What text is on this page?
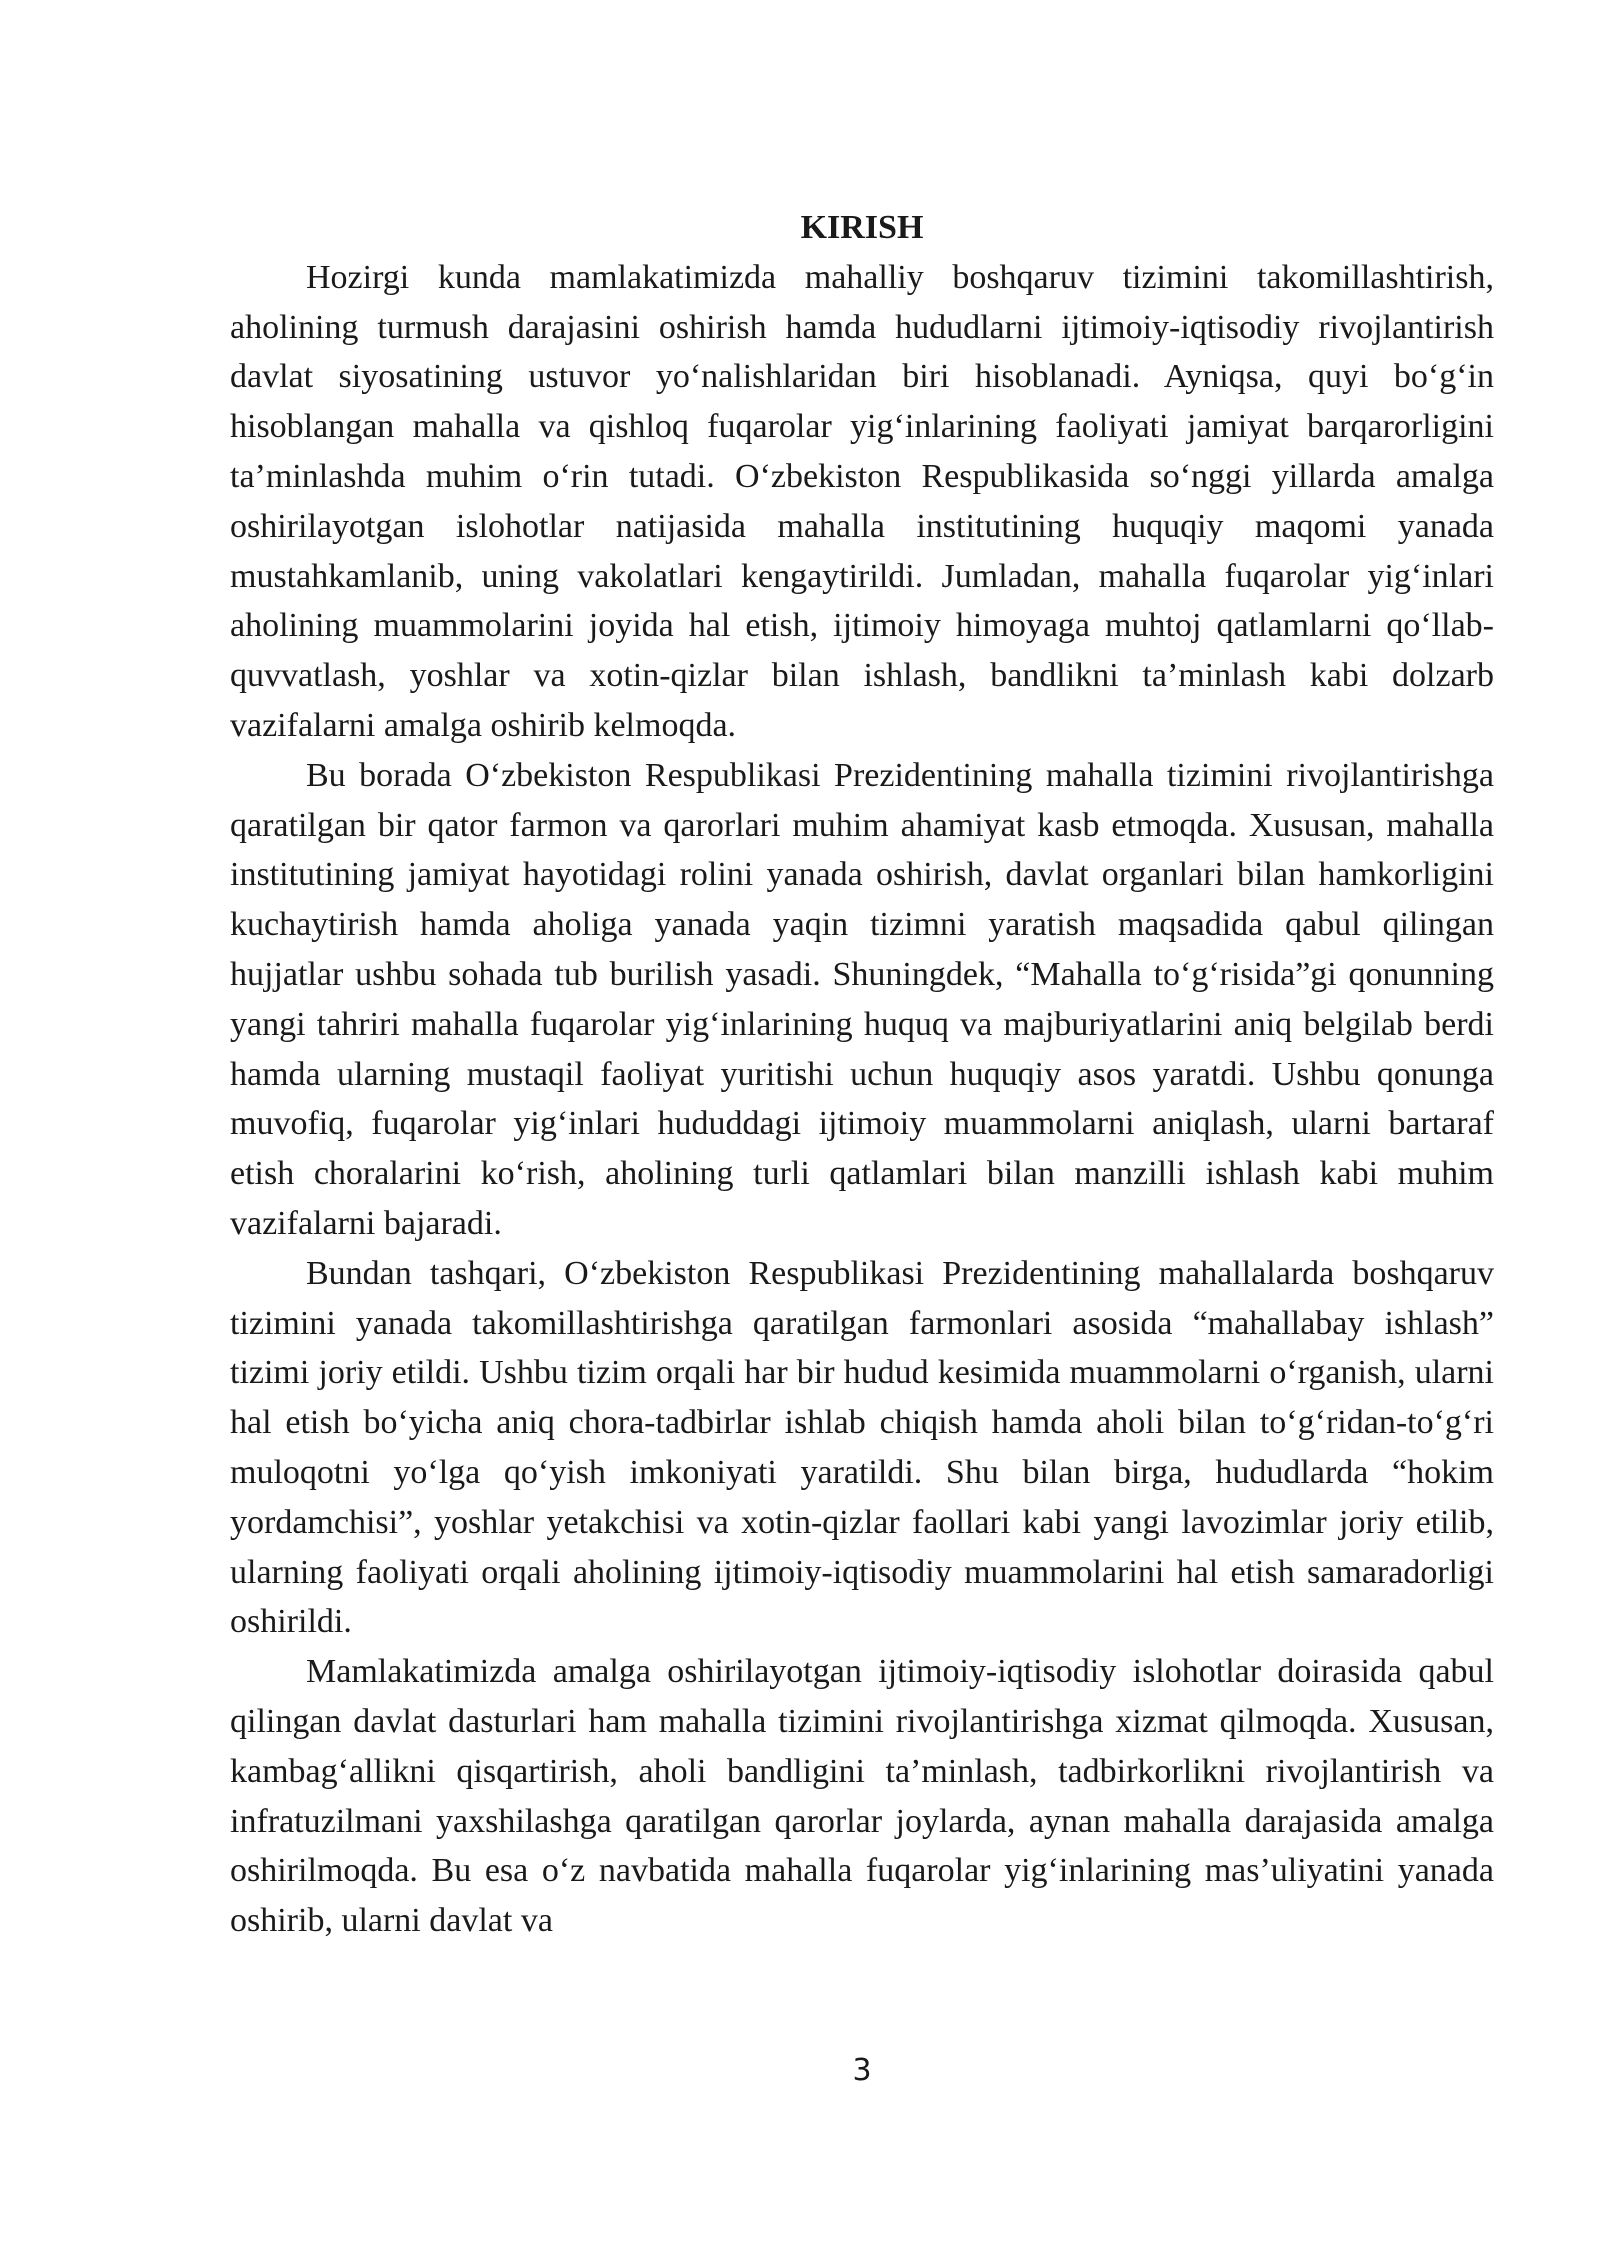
KIRISH

Hozirgi kunda mamlakatimizda mahalliy boshqaruv tizimini takomillashtirish, aholining turmush darajasini oshirish hamda hududlarni ijtimoiy-iqtisodiy rivojlantirish davlat siyosatining ustuvor yo‘nalishlaridan biri hisoblanadi. Ayniqsa, quyi bo‘g‘in hisoblangan mahalla va qishloq fuqarolar yig‘inlarining faoliyati jamiyat barqarorligini ta’minlashda muhim o‘rin tutadi. O‘zbekiston Respublikasida so‘nggi yillarda amalga oshirilayotgan islohotlar natijasida mahalla institutining huquqiy maqomi yanada mustahkamlanib, uning vakolatlari kengaytirildi. Jumladan, mahalla fuqarolar yig‘inlari aholining muammolarini joyida hal etish, ijtimoiy himoyaga muhtoj qatlamlarni qo‘llab-quvvatlash, yoshlar va xotin-qizlar bilan ishlash, bandlikni ta’minlash kabi dolzarb vazifalarni amalga oshirib kelmoqda.

Bu borada O‘zbekiston Respublikasi Prezidentining mahalla tizimini rivojlantirishga qaratilgan bir qator farmon va qarorlari muhim ahamiyat kasb etmoqda. Xususan, mahalla institutining jamiyat hayotidagi rolini yanada oshirish, davlat organlari bilan hamkorligini kuchaytirish hamda aholiga yanada yaqin tizimni yaratish maqsadida qabul qilingan hujjatlar ushbu sohada tub burilish yasadi. Shuningdek, “Mahalla to‘g‘risida”gi qonunning yangi tahriri mahalla fuqarolar yig‘inlarining huquq va majburiyatlarini aniq belgilab berdi hamda ularning mustaqil faoliyat yuritishi uchun huquqiy asos yaratdi. Ushbu qonunga muvofiq, fuqarolar yig‘inlari hududdagi ijtimoiy muammolarni aniqlash, ularni bartaraf etish choralarini ko‘rish, aholining turli qatlamlari bilan manzilli ishlash kabi muhim vazifalarni bajaradi.

Bundan tashqari, O‘zbekiston Respublikasi Prezidentining mahallalarda boshqaruv tizimini yanada takomillashtirishga qaratilgan farmonlari asosida “mahallabay ishlash” tizimi joriy etildi. Ushbu tizim orqali har bir hudud kesimida muammolarni o‘rganish, ularni hal etish bo‘yicha aniq chora-tadbirlar ishlab chiqish hamda aholi bilan to‘g‘ridan-to‘g‘ri muloqotni yo‘lga qo‘yish imkoniyati yaratildi. Shu bilan birga, hududlarda “hokim yordamchisi”, yoshlar yetakchisi va xotin-qizlar faollari kabi yangi lavozimlar joriy etilib, ularning faoliyati orqali aholining ijtimoiy-iqtisodiy muammolarini hal etish samaradorligi oshirildi.

Mamlakatimizda amalga oshirilayotgan ijtimoiy-iqtisodiy islohotlar doirasida qabul qilingan davlat dasturlari ham mahalla tizimini rivojlantirishga xizmat qilmoqda. Xususan, kambag‘allikni qisqartirish, aholi bandligini ta’minlash, tadbirkorlikni rivojlantirish va infratuzilmani yaxshilashga qaratilgan qarorlar joylarda, aynan mahalla darajasida amalga oshirilmoqda. Bu esa o‘z navbatida mahalla fuqarolar yig‘inlarining mas’uliyatini yanada oshirib, ularni davlat va

3
